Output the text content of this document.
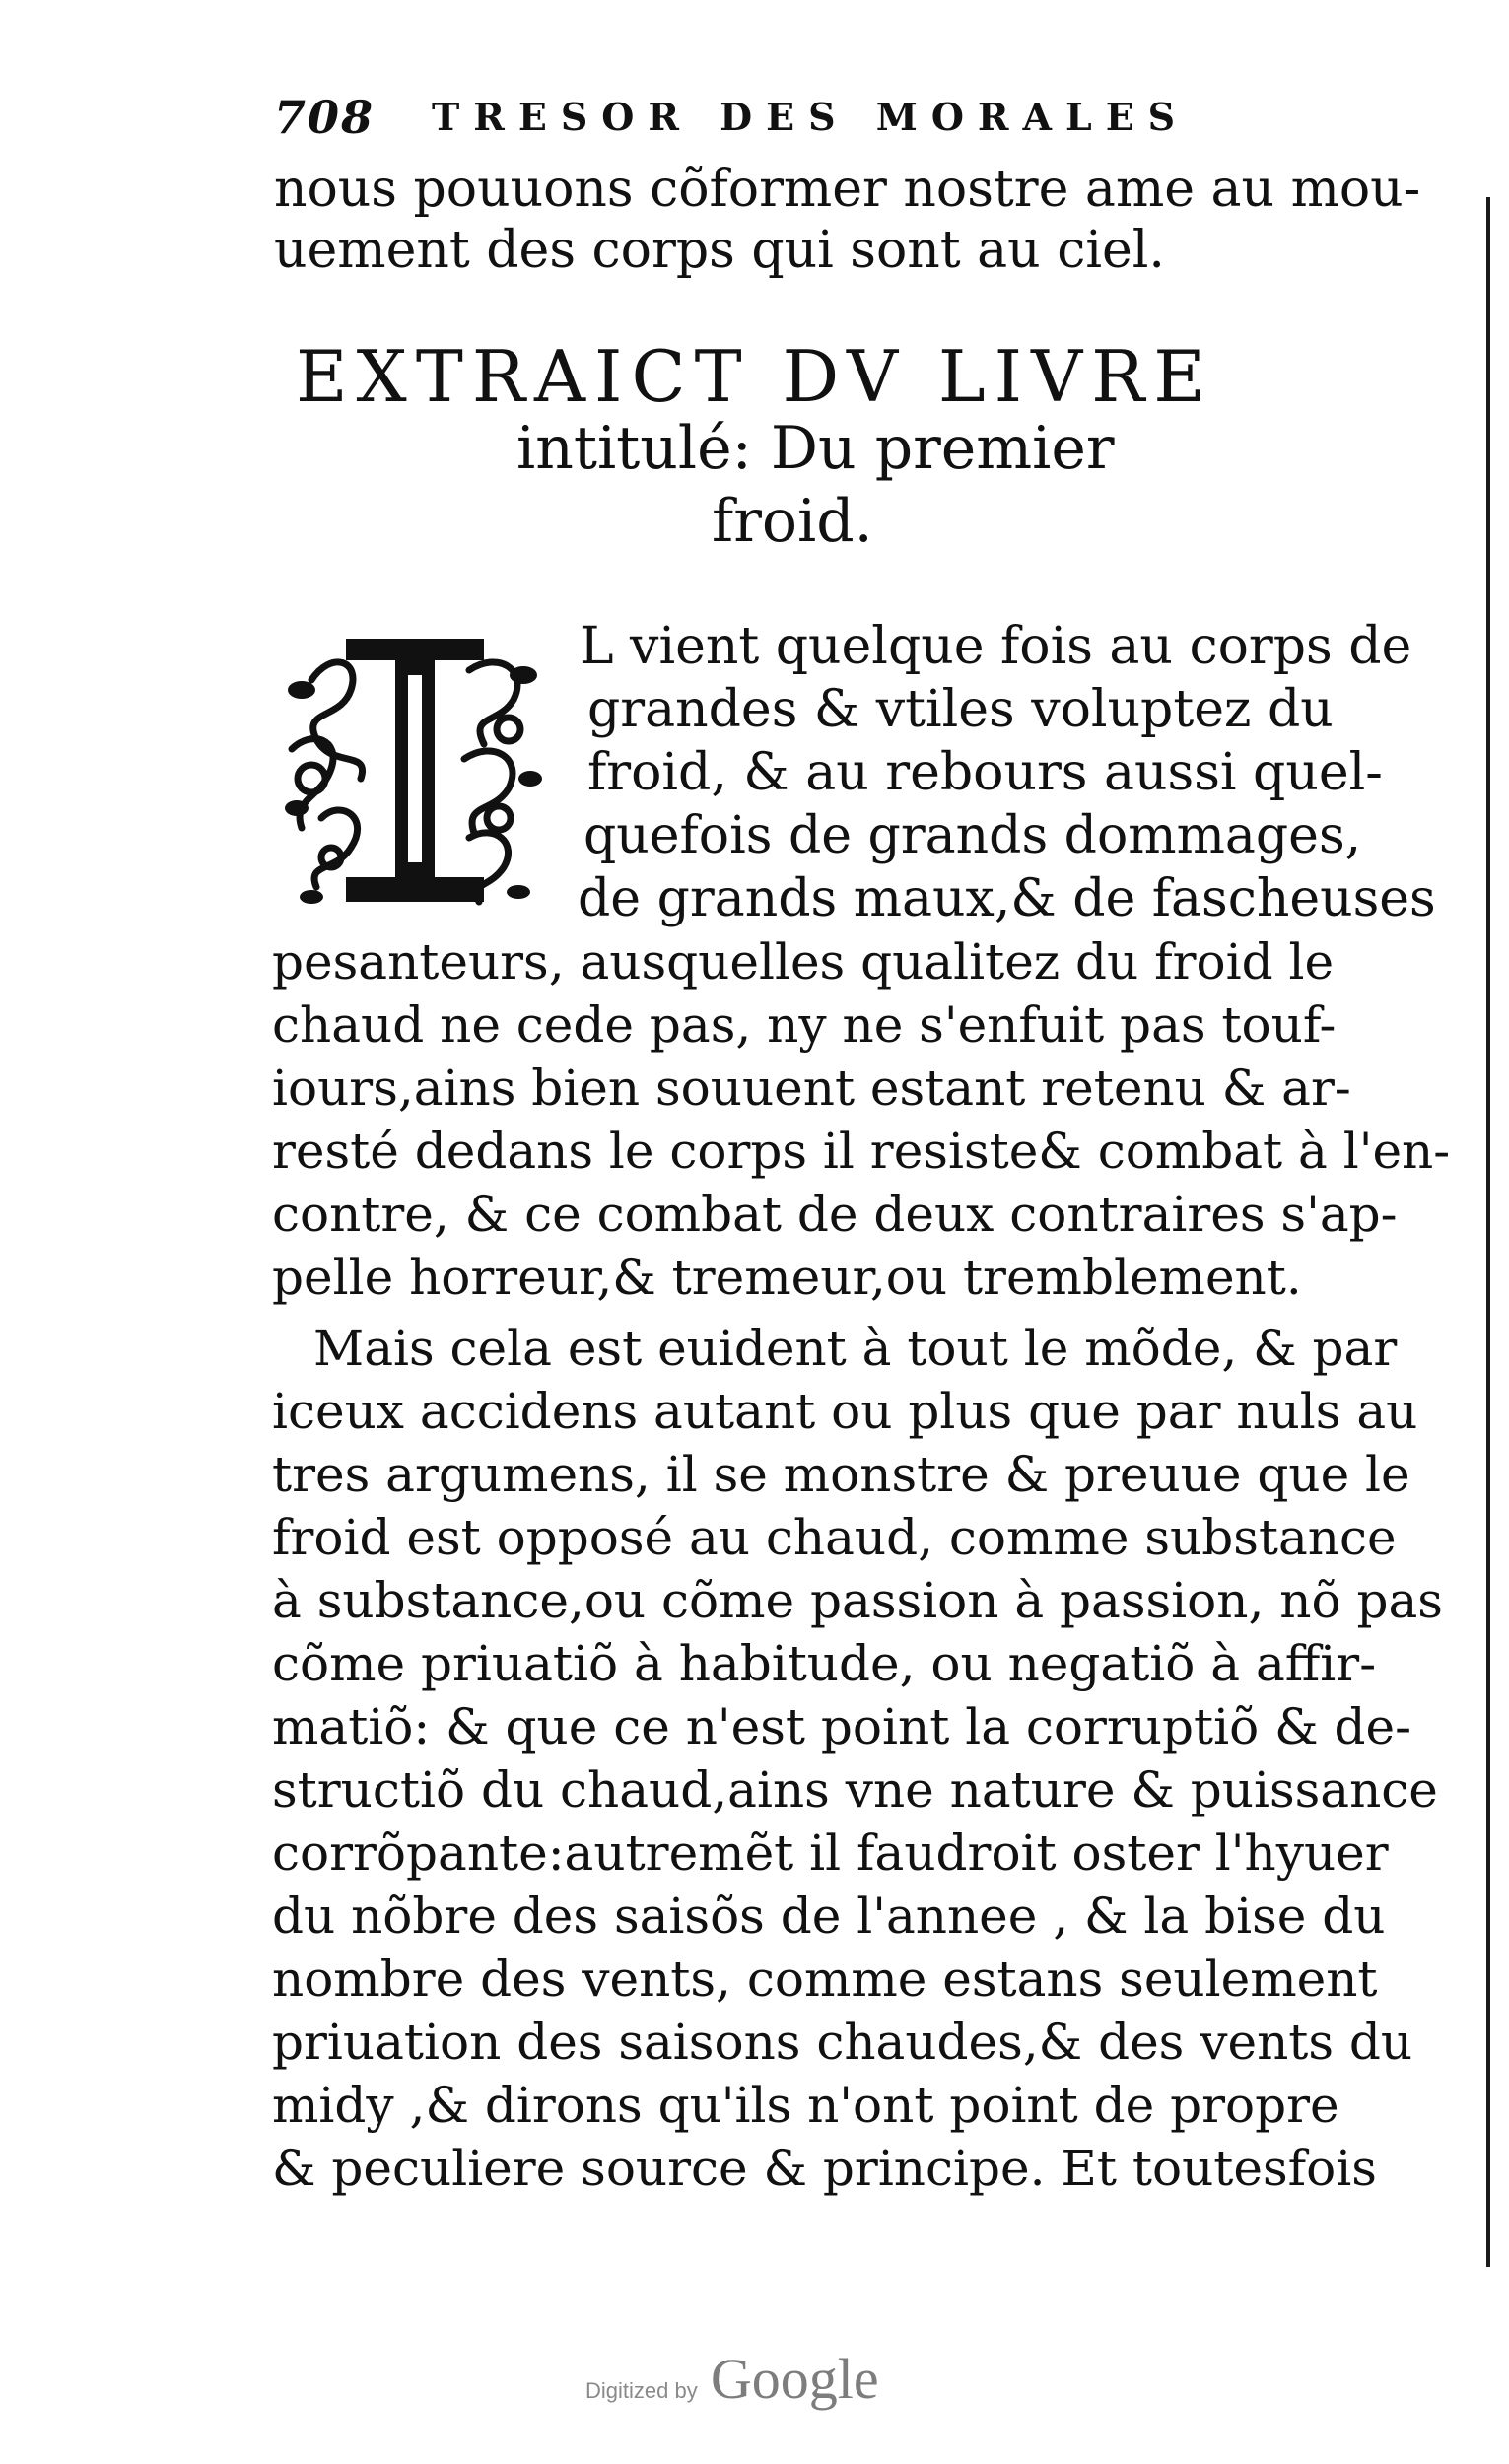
708 TRESOR DES MORALES
nous pouuons cõformer nostre ame au mou-
uement des corps qui sont au ciel.
EXTRAICT DV LIVRE
intitulé: Du premier
froid.
L vient quelque fois au corps de
grandes & vtiles voluptez du
froid, & au rebours aussi quel-
quefois de grands dommages,
de grands maux,& de fascheuses
pesanteurs, ausquelles qualitez du froid le
chaud ne cede pas, ny ne s'enfuit pas touf-
iours,ains bien souuent estant retenu & ar-
resté dedans le corps il resiste& combat à l'en-
contre, & ce combat de deux contraires s'ap-
pelle horreur,& tremeur,ou tremblement.
Mais cela est euident à tout le mõde, & par
iceux accidens autant ou plus que par nuls au
tres argumens, il se monstre & preuue que le
froid est opposé au chaud, comme substance
à substance,ou cõme passion à passion, nõ pas
cõme priuatiõ à habitude, ou negatiõ à affir-
matiõ: & que ce n'est point la corruptiõ & de-
structiõ du chaud,ains vne nature & puissance
corrõpante:autremẽt il faudroit oster l'hyuer
du nõbre des saisõs de l'annee , & la bise du
nombre des vents, comme estans seulement
priuation des saisons chaudes,& des vents du
midy ,& dirons qu'ils n'ont point de propre
& peculiere source & principe. Et toutesfois
Digitized by Google
